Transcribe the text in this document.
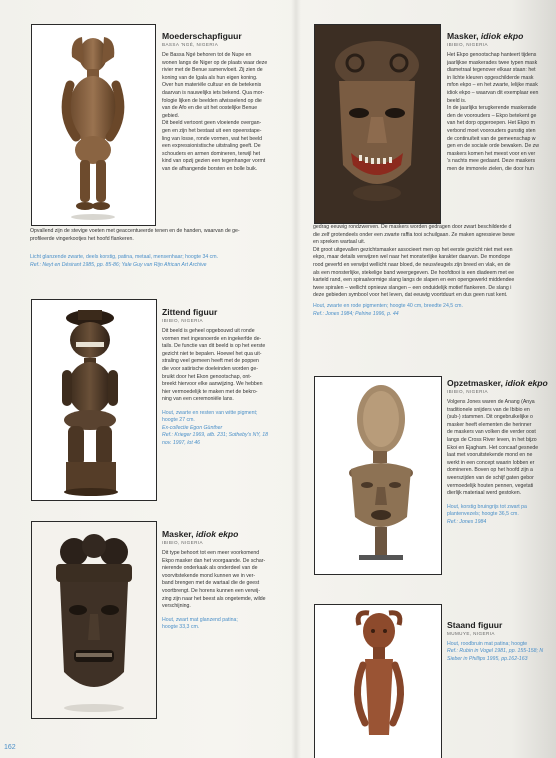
Moederschapfiguur
BASSA 'NGÉ, NIGERIA
De Bassa Ngé behoren tot de Nupe en
wonen langs de Niger op de plaats waar deze
rivier met de Benue samenvloeit. Zij zien de
koning van de Igala als hun eigen koning.
Over hun materiële cultuur en de betekenis
daarvan is nauwelijks iets bekend. Qua mor-
fologie lijken de beelden afwisselend op die
van de Afo en die uit het oostelijke Benue
gebied.
Dit beeld vertoont geen vloeiende overgan-
gen en zijn het bestaat uit een opeenstape-
ling van losse, ronde vormen, wat het beeld
een expressionistische uitstraling geeft. De
schouders en armen domineren, terwijl het
kind van opzij gezien een tegenhanger vormt
van de afhangende borsten en bolle buik.
Opvallend zijn de stevige voeten met geaccentueerde tenen en de handen, waarvan de ge-
profileerde vingerkootjes het hoofd flankeren.
Licht glanzende zwarte, deels korstig, patina, metaal, mensenhaar; hoogte 34 cm.
Ref.: Neyt en Désirant 1985, pp. 85-86; Yale Guy van Rijn African Art Archive
Zittend figuur
IBIBIO, NIGERIA
Dit beeld is geheel opgebouwd uit ronde
vormen met ingesnoerde en ingekerfde de-
tails. De functie van dit beeld is op het eerste
gezicht niet te bepalen. Hoewel het qua uit-
straling veel gemeen heeft met de poppen
die voor satirische doeleinden worden ge-
bruikt door het Ekon genootschap, ont-
breekt hiervoor elke aanwijzing. We hebben
hier vermoedelijk te maken met de bekro-
ning van een ceremoniële lans.
Hout, zwarte en resten van witte pigment;
hoogte 27 cm.
Ex-collectie Egon Günther
Ref.: Krieger 1969, afb. 231; Sotheby's NY, 18
nov. 1997, lot 46
Masker, idiok ekpo
IBIBIO, NIGERIA
Dit type behoort tot een meer voorkomend
Ekpo masker dan het voorgaande. De schar-
nierende onderkaak als onderdeel van de
voorvitstekende mond kunnen we in ver-
band brengen met de wartaal die de geest
voortbrengt. De horens kunnen een verwij-
zing zijn naar het beest als ongetemde, wilde
verschijning.
Hout, zwart mat glanzend patina;
hoogte 33,3 cm.
162
Masker, idiok ekpo
IBIBIO, NIGERIA
Het Ekpo genootschap hanteert tijdens
jaarlijkse maskerades twee typen mask
diametraal tegenover elkaar staan: het
in lichte kleuren opgeschilderde mask
mfon ekpo – en het zwarte, lelijke mask
idiok ekpo – waarvan dit exemplaar een
beeld is.
In de jaarlijks terugkerende maskerade
den de voorouders – Ekpo betekent ge
van het dorp opgeroepen. Het Ekpo m
verbond moet voorouders gunstig sten
de continuïteit van de gemeenschap w
gen en de sociale orde bewaken. De zw
maskers komen het meest voor en ver
's nachts mee gedaant. Deze maskers
men de immorele zielen, die door hun
gedrag eeuwig rondzwerven. De maskers worden gedragen door zwart beschilderde d
die zelf grotendeels onder een zwarte raffia tooi schuilgaan. Ze maken agressieve bewe
en spreken wartaal uit.
Dit groot uitgevallen gezichtsmasker associeert men op het eerste gezicht niet met een
ekpo, maar details verwijzen wel naar het monsterlijke karakter daarvan. De mondope
rood geverfd en verwijst wellicht naar bloed, de neusvleugels zijn breed en vlak, en de
als een monsterlijke, stekelige band weergegeven. De hoofdtooi is een diadeem met ee
karteld rand, een spiraalvormige slang langs de slapen en een opengewerkt middendee
twee spiralen – wellicht opnieuw slangen – een onduidelijk motief flankeren. De slang i
deze gebieden symbool voor het leven, dat eeuwig voortduurt en dus geen rust kent.
Hout, zwarte en rode pigmenten; hoogte 40 cm, breedte 24,5 cm.
Ref.: Jones 1984; Pelrine 1996, p. 44
Opzetmasker, idiok ekpo
IBIBIO, NIGERIA
Volgens Jones waren de Anang (Anya
traditionele snijders van de Ibibio en
(sub-) stammen. Dit ongebruikelijke o
masker heeft elementen die herinner
de maskers van volken die verder oost
langs de Cross River leven, in het bijzo
Ekoi en Ejagham. Het concaaf gesnede
laat met vooruitstekende mond en ne
werkt in een concept waarin lobben er
domineren. Boven op het hoofd zijn a
weerszijden van de schijf gaten gebor
vermoedelijk houten pennen, vegetati
dierlijk materiaal werd gestoken.
Hout, korstig bruingrijs tot zwart pa
plantenvezels; hoogte 36,5 cm.
Ref.: Jones 1984
Staand figuur
MUMUYE, NIGERIA
Hout, roodbruin mat patina; hoogte
Ref.: Rubin in Vogel 1981, pp. 155-158; N
Sieber in Phillips 1995, pp.162-163
